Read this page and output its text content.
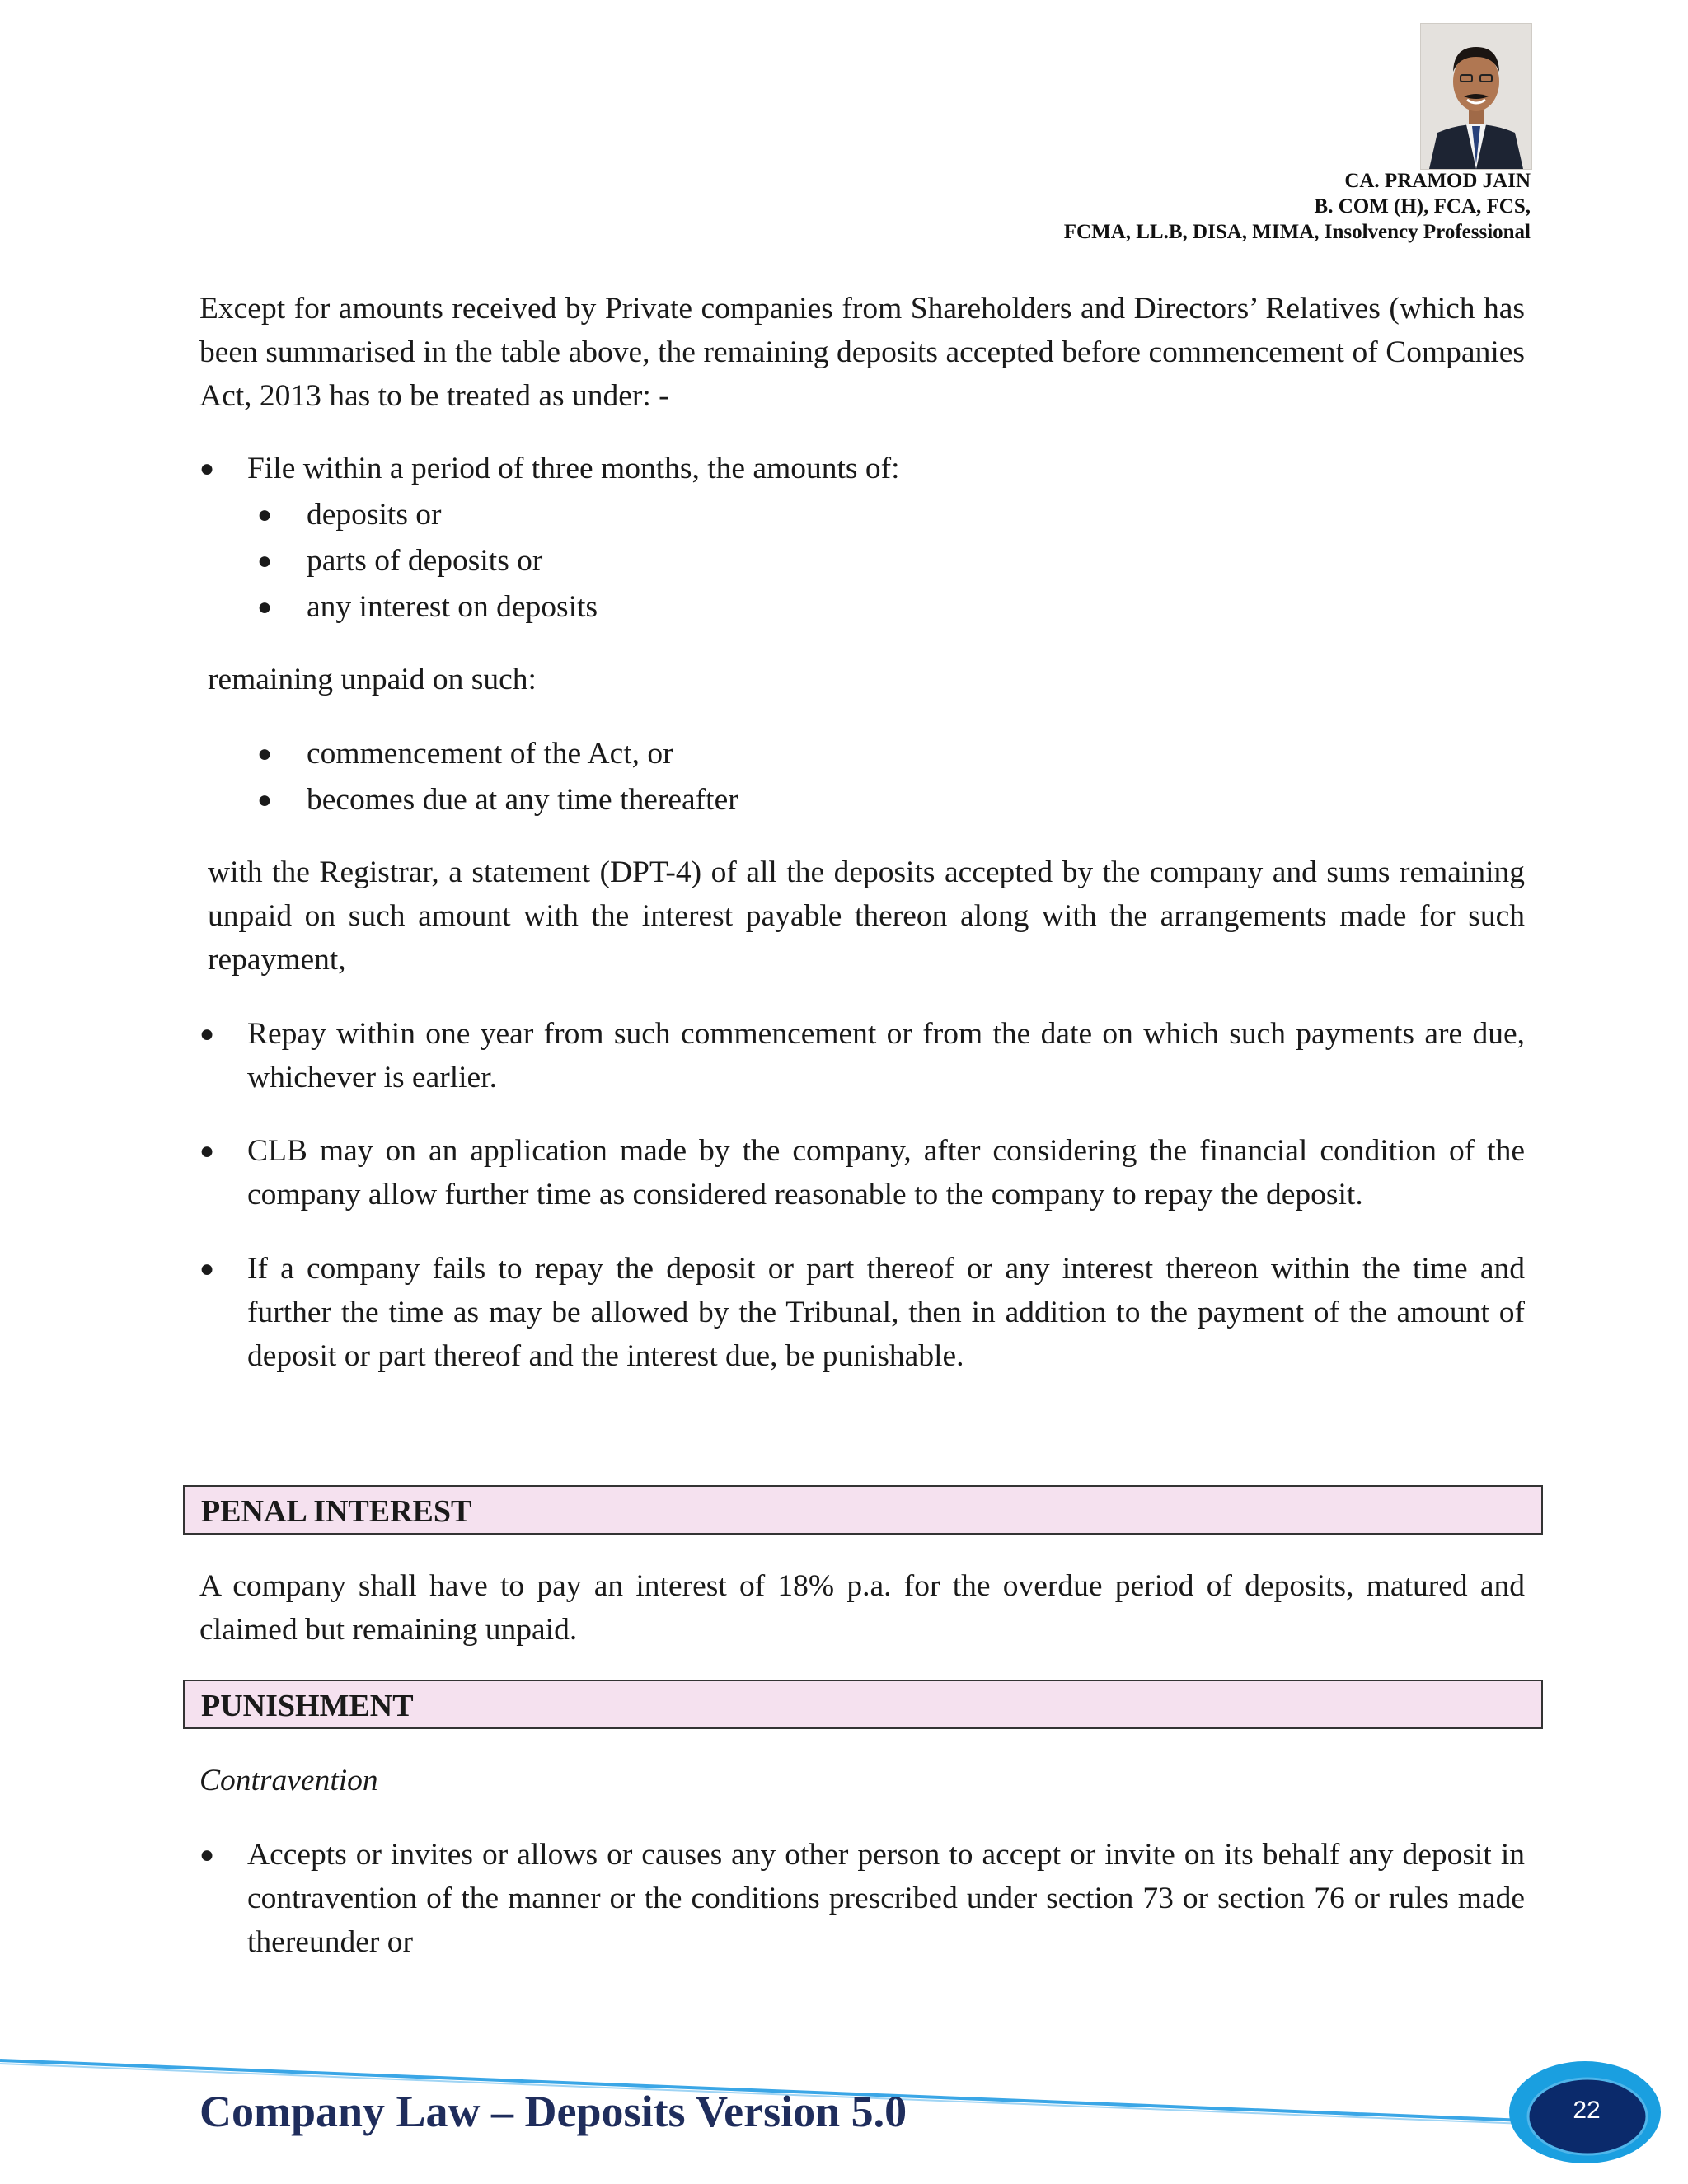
CA. PRAMOD JAIN
B. COM (H), FCA, FCS,
FCMA, LL.B, DISA, MIMA, Insolvency Professional
Except for amounts received by Private companies from Shareholders and Directors’ Relatives (which has been summarised in the table above, the remaining deposits accepted before commencement of Companies Act, 2013 has to be treated as under: -
● File within a period of three months, the amounts of:
● deposits or
● parts of deposits or
● any interest on deposits
remaining unpaid on such:
● commencement of the Act, or
● becomes due at any time thereafter
with the Registrar, a statement (DPT-4) of all the deposits accepted by the company and sums remaining unpaid on such amount with the interest payable thereon along with the arrangements made for such repayment,
● Repay within one year from such commencement or from the date on which such payments are due, whichever is earlier.
● CLB may on an application made by the company, after considering the financial condition of the company allow further time as considered reasonable to the company to repay the deposit.
● If a company fails to repay the deposit or part thereof or any interest thereon within the time and further the time as may be allowed by the Tribunal, then in addition to the payment of the amount of deposit or part thereof and the interest due, be punishable.
PENAL INTEREST
A company shall have to pay an interest of 18% p.a. for the overdue period of deposits, matured and claimed but remaining unpaid.
PUNISHMENT
Contravention
● Accepts or invites or allows or causes any other person to accept or invite on its behalf any deposit in contravention of the manner or the conditions prescribed under section 73 or section 76 or rules made thereunder or
Company Law – Deposits Version 5.0	22
